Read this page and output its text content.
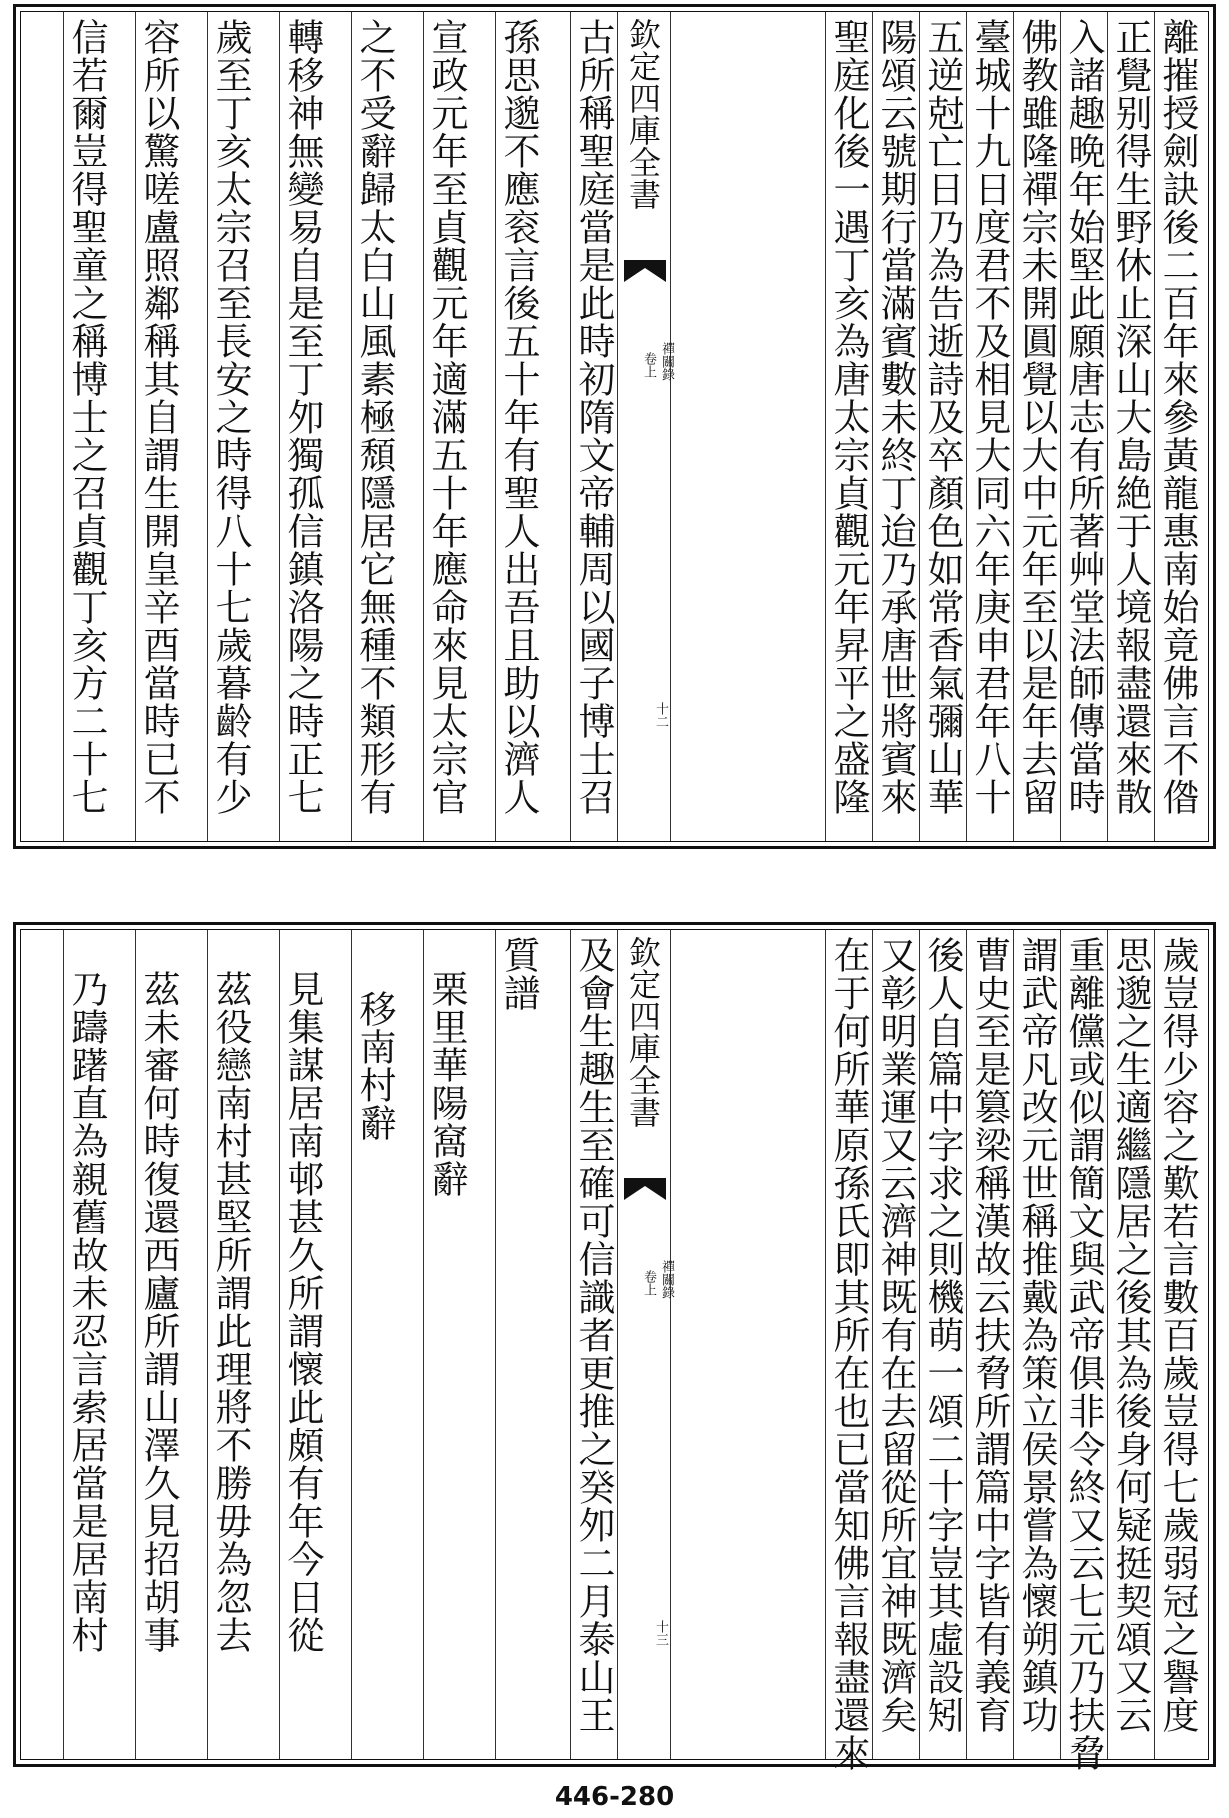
離摧授劍訣後二百年來參黃龍惠南始竟佛言不偺
正覺别得生野休止深山大島絶于人境報盡還來散
入諸趣晩年始堅此願唐志有所著艸堂法師傳當時
佛教雖隆禪宗未開圓覺以大中元年至以是年去留
臺城十九日度君不及相見大同六年庚申君年八十
五逆尅亡日乃為告逝詩及卒顏色如常香氣彌山華
陽頌云號期行當滿賓數未終丁迨乃承唐世將賓來
聖庭化後一遇丁亥為唐太宗貞觀元年昇平之盛隆
欽定四庫全書
禪關錄
卷上
十二
古所稱聖庭當是此時初隋文帝輔周以國子博士召
孫思邈不應衮言後五十年有聖人出吾且助以濟人
宣政元年至貞觀元年適滿五十年應命來見太宗官
之不受辭歸太白山風素極頹隱居它無種不類形有
轉移神無變易自是至丁夘獨孤信鎮洛陽之時正七
歲至丁亥太宗召至長安之時得八十七歲暮齡有少
容所以驚嗟盧照鄰稱其自謂生開皇辛酉當時已不
信若爾豈得聖童之稱博士之召貞觀丁亥方二十七
歲豈得少容之歎若言數百歲豈得七歲弱冠之譽度
思邈之生適繼隱居之後其為後身何疑挺契頌又云
重離儻或似謂簡文與武帝俱非令終又云七元乃扶脅
謂武帝凡改元世稱推戴為策立侯景嘗為懷朔鎮功
曹史至是篡梁稱漢故云扶脅所謂篇中字皆有義育
後人自篇中字求之則機萌一頌二十字豈其虛設矧
又彰明業運又云濟神既有在去留從所宜神既濟矣
在于何所華原孫氏即其所在也已當知佛言報盡還來
欽定四庫全書
禪關錄
卷上
十三
及會生趣生至確可信識者更推之癸夘二月泰山王
質譜
栗里華陽窩辭
移南村辭
見集謀居南邨甚久所謂懷此頗有年今日從
茲役戀南村甚堅所謂此理將不勝毋為忽去
茲未審何時復還西廬所謂山澤久見招胡事
乃躊躇直為親舊故未忍言索居當是居南村
446-280
